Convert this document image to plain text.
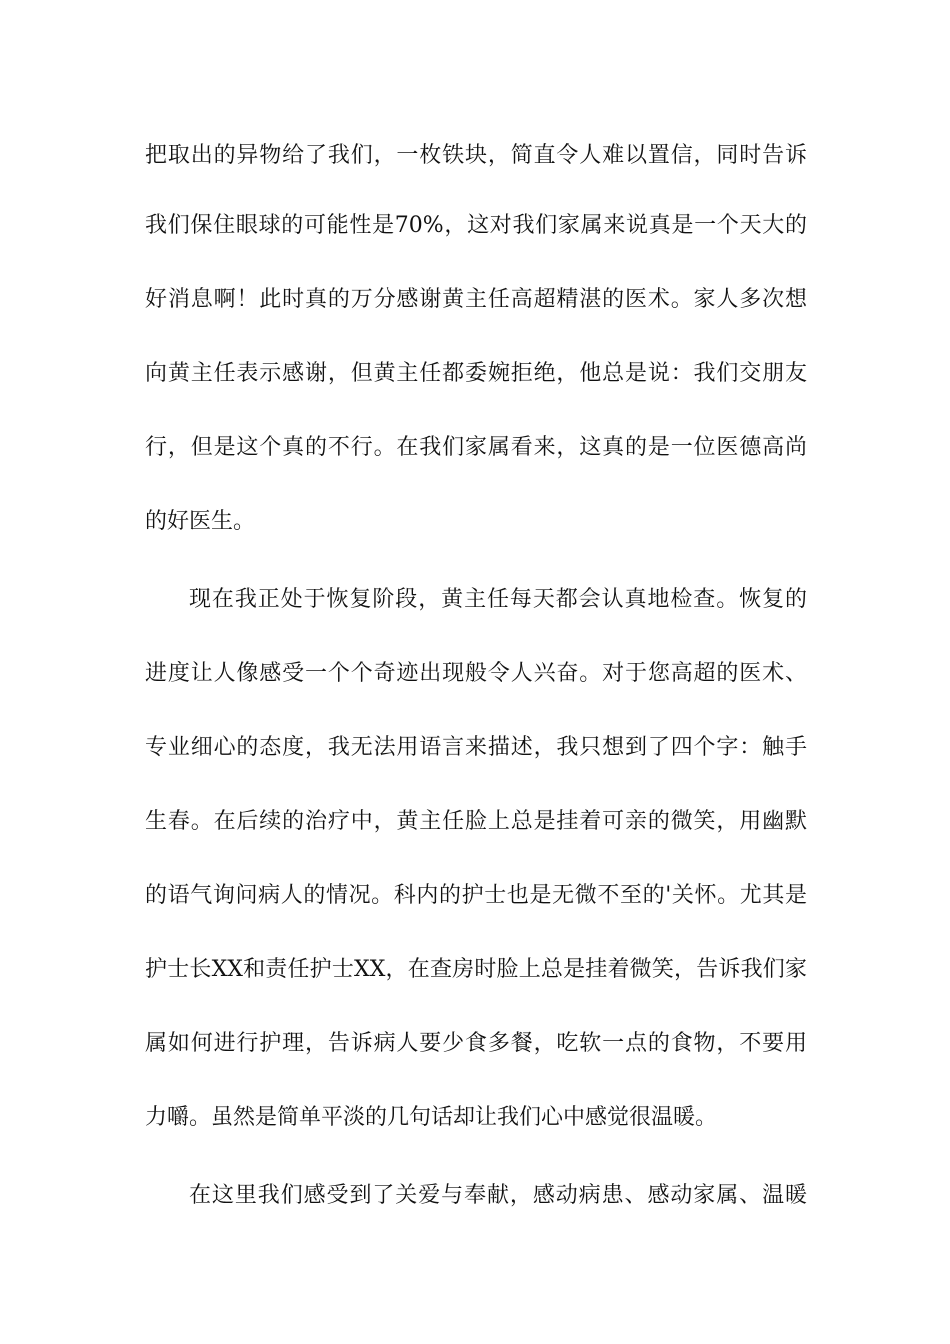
把取出的异物给了我们，一枚铁块，简直令人难以置信，同时告诉
我们保住眼球的可能性是70%，这对我们家属来说真是一个天大的
好消息啊！此时真的万分感谢黄主任高超精湛的医术。家人多次想
向黄主任表示感谢，但黄主任都委婉拒绝，他总是说：我们交朋友
行，但是这个真的不行。在我们家属看来，这真的是一位医德高尚
的好医生。
现在我正处于恢复阶段，黄主任每天都会认真地检查。恢复的
进度让人像感受一个个奇迹出现般令人兴奋。对于您高超的医术、
专业细心的态度，我无法用语言来描述，我只想到了四个字：触手
生春。在后续的治疗中，黄主任脸上总是挂着可亲的微笑，用幽默
的语气询问病人的情况。科内的护士也是无微不至的'关怀。尤其是
护士长XX和责任护士XX，在查房时脸上总是挂着微笑，告诉我们家
属如何进行护理，告诉病人要少食多餐，吃软一点的食物，不要用
力嚼。虽然是简单平淡的几句话却让我们心中感觉很温暖。
在这里我们感受到了关爱与奉献，感动病患、感动家属、温暖
